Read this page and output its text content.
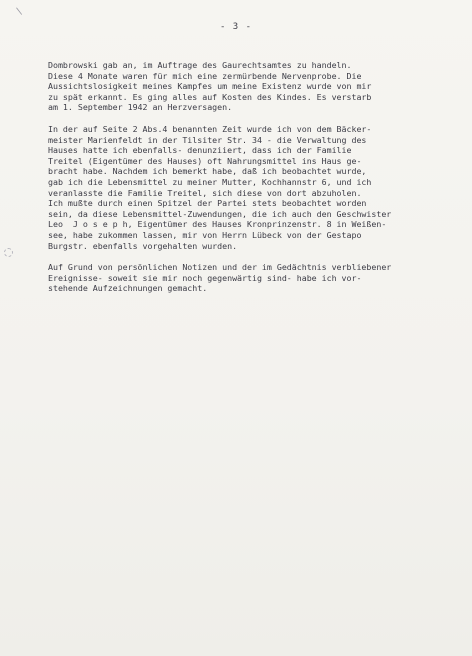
/
- 3 -

Dombrowski gab an, im Auftrage des Gaurechtsamtes zu handeln.
Diese 4 Monate waren für mich eine zermürbende Nervenprobe. Die
Aussichtslosigkeit meines Kampfes um meine Existenz wurde von mir
zu spät erkannt. Es ging alles auf Kosten des Kindes. Es verstarb
am 1. September 1942 an Herzversagen.

In der auf Seite 2 Abs.4 benannten Zeit wurde ich von dem Bäcker-
meister Marienfeldt in der Tilsiter Str. 34 - die Verwaltung des
Hauses hatte ich ebenfalls- denunziiert, dass ich der Familie
Treitel (Eigentümer des Hauses) oft Nahrungsmittel ins Haus ge-
bracht habe. Nachdem ich bemerkt habe, daß ich beobachtet wurde,
gab ich die Lebensmittel zu meiner Mutter, Kochhannstr 6, und ich
veranlasste die Familie Treitel, sich diese von dort abzuholen.
Ich mußte durch einen Spitzel der Partei stets beobachtet worden
sein, da diese Lebensmittel-Zuwendungen, die ich auch den Geschwister
Leo  J o s e p h, Eigentümer des Hauses Kronprinzenstr. 8 in Weißen-
see, habe zukommen lassen, mir von Herrn Lübeck von der Gestapo
Burgstr. ebenfalls vorgehalten wurden.

Auf Grund von persönlichen Notizen und der im Gedächtnis verbliebener
Ereignisse- soweit sie mir noch gegenwärtig sind- habe ich vor-
stehende Aufzeichnungen gemacht.
